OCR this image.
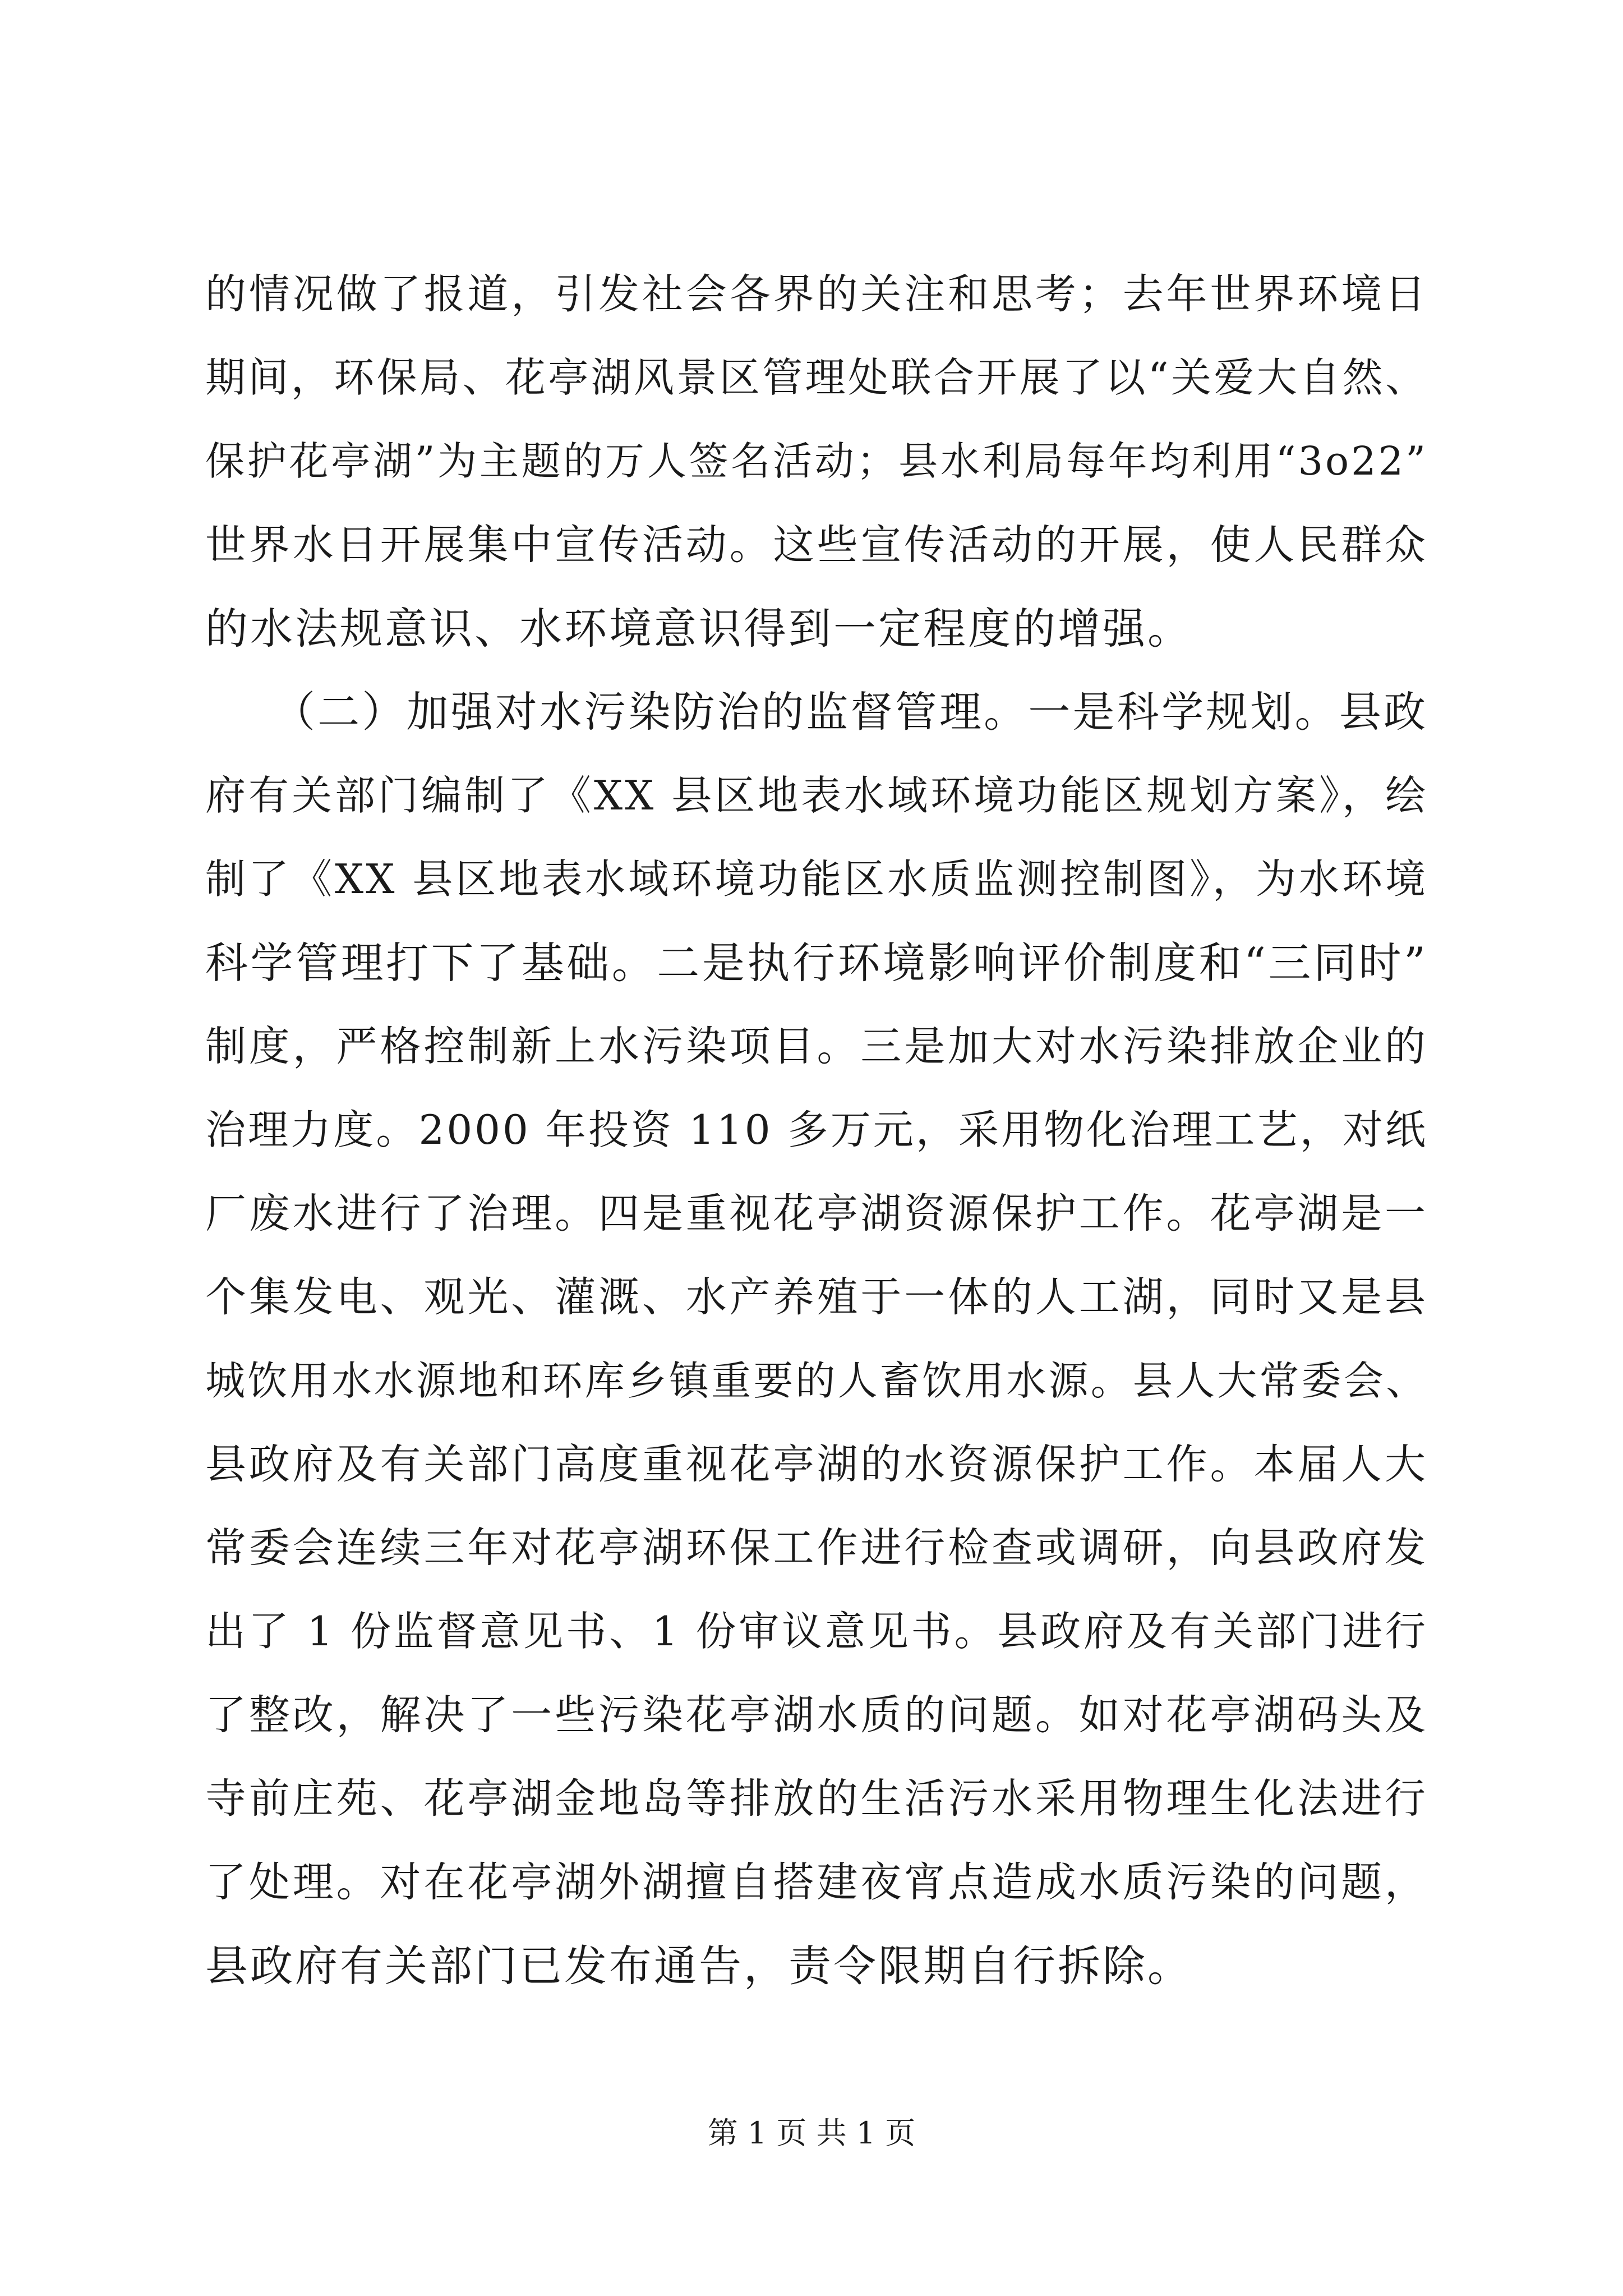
的情况做了报道，引发社会各界的关注和思考；去年世界环境日
期间，环保局、花亭湖风景区管理处联合开展了以“关爱大自然、
保护花亭湖”为主题的万人签名活动；县水利局每年均利用“3o22”
世界水日开展集中宣传活动。这些宣传活动的开展，使人民群众
的水法规意识、水环境意识得到一定程度的增强。
　　（二）加强对水污染防治的监督管理。一是科学规划。县政
府有关部门编制了《XX 县区地表水域环境功能区规划方案》，绘
制了《XX 县区地表水域环境功能区水质监测控制图》，为水环境
科学管理打下了基础。二是执行环境影响评价制度和“三同时”
制度，严格控制新上水污染项目。三是加大对水污染排放企业的
治理力度。2000 年投资 110 多万元，采用物化治理工艺，对纸
厂废水进行了治理。四是重视花亭湖资源保护工作。花亭湖是一
个集发电、观光、灌溉、水产养殖于一体的人工湖，同时又是县
城饮用水水源地和环库乡镇重要的人畜饮用水源。县人大常委会、
县政府及有关部门高度重视花亭湖的水资源保护工作。本届人大
常委会连续三年对花亭湖环保工作进行检查或调研，向县政府发
出了 1 份监督意见书、1 份审议意见书。县政府及有关部门进行
了整改，解决了一些污染花亭湖水质的问题。如对花亭湖码头及
寺前庄苑、花亭湖金地岛等排放的生活污水采用物理生化法进行
了处理。对在花亭湖外湖擅自搭建夜宵点造成水质污染的问题，
县政府有关部门已发布通告，责令限期自行拆除。
第 1 页 共 1 页
